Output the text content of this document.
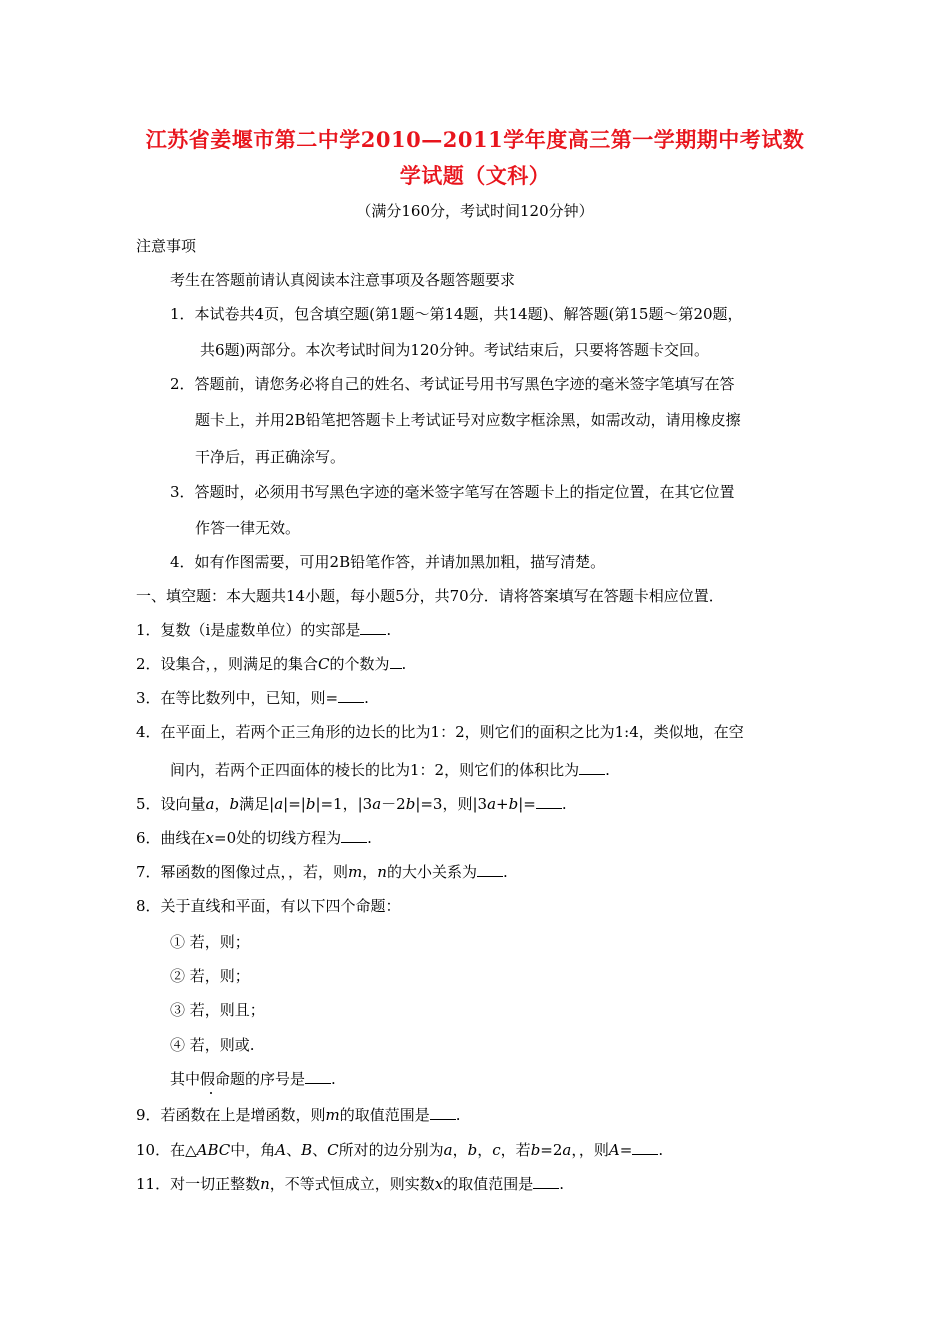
江苏省姜堰市第二中学2010—2011学年度高三第一学期期中考试数
学试题（文科）
（满分160分，考试时间120分钟）
注意事项
考生在答题前请认真阅读本注意事项及各题答题要求
1．本试卷共4页，包含填空题(第1题～第14题，共14题)、解答题(第15题～第20题，
共6题)两部分。本次考试时间为120分钟。考试结束后，只要将答题卡交回。
2．答题前，请您务必将自己的姓名、考试证号用书写黑色字迹的毫米签字笔填写在答
题卡上，并用2B铅笔把答题卡上考试证号对应数字框涂黑，如需改动，请用橡皮擦
干净后，再正确涂写。
3．答题时，必须用书写黑色字迹的毫米签字笔写在答题卡上的指定位置，在其它位置
作答一律无效。
4．如有作图需要，可用2B铅笔作答，并请加黑加粗，描写清楚。
一、填空题：本大题共14小题，每小题5分，共70分．请将答案填写在答题卡相应位置．
1．复数（i是虚数单位）的实部是 .
2．设集合，，则满足的集合C的个数为 .
3．在等比数列中，已知，则= .
4．在平面上，若两个正三角形的边长的比为1：2，则它们的面积之比为1:4，类似地，在空
间内，若两个正四面体的棱长的比为1：2，则它们的体积比为 .
5．设向量a，b满足|a|=|b|=1，|3a－2b|=3，则|3a+b|= .
6．曲线在x=0处的切线方程为 .
7．幂函数的图像过点，，若，则m，n的大小关系为 .
8．关于直线和平面，有以下四个命题：
① 若，则；
② 若，则；
③ 若，则且；
④ 若，则或.
其中假命题的序号是 .
9．若函数在上是增函数，则m的取值范围是 .
10．在△ABC中，角A、B、C所对的边分别为a，b，c，若b=2a，，则A= .
11．对一切正整数n，不等式恒成立，则实数x的取值范围是 .
